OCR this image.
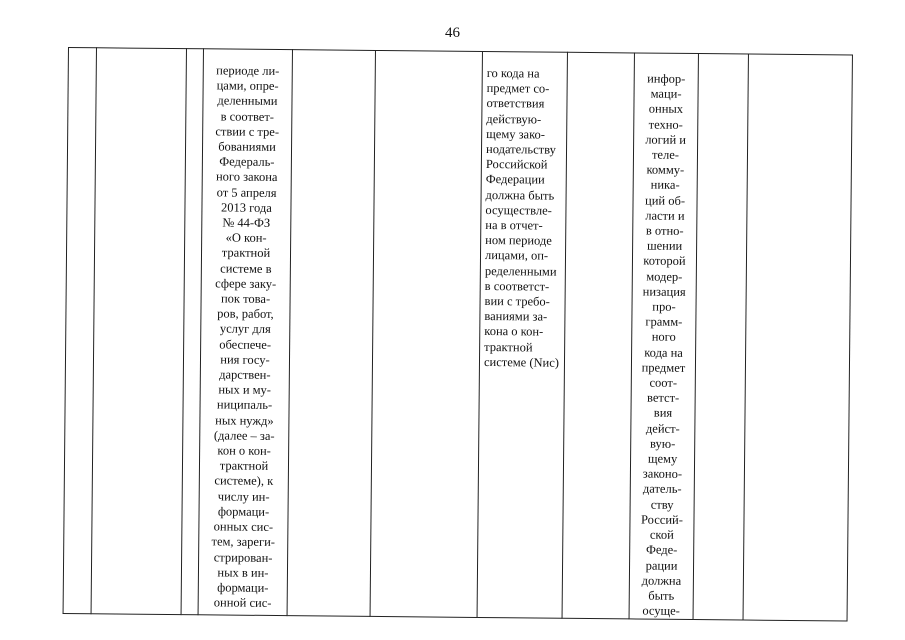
46

периоде ли-
цами, опре-
деленными
в соответ-
ствии с тре-
бованиями
Федераль-
ного закона
от 5 апреля
2013 года
№ 44-ФЗ
«О кон-
трактной
системе в
сфере заку-
пок това-
ров, работ,
услуг для
обеспече-
ния госу-
дарствен-
ных и му-
ниципаль-
ных нужд»
(далее – за-
кон о кон-
трактной
системе), к
числу ин-
формаци-
онных сис-
тем, зареги-
стрирован-
ных в ин-
формаци-
онной сис-

го кода на
предмет со-
ответствия
действую-
щему зако-
нодательству
Российской
Федерации
должна быть
осуществле-
на в отчет-
ном периоде
лицами, оп-
ределенными
в соответст-
вии с требо-
ваниями за-
кона о кон-
трактной
системе (Nис)

инфор-
маци-
онных
техно-
логий и
теле-
комму-
ника-
ций об-
ласти и
в отно-
шении
которой
модер-
низация
про-
грамм-
ного
кода на
предмет
соот-
ветст-
вия
дейст-
вую-
щему
законо-
датель-
ству
Россий-
ской
Феде-
рации
должна
быть
осуще-
